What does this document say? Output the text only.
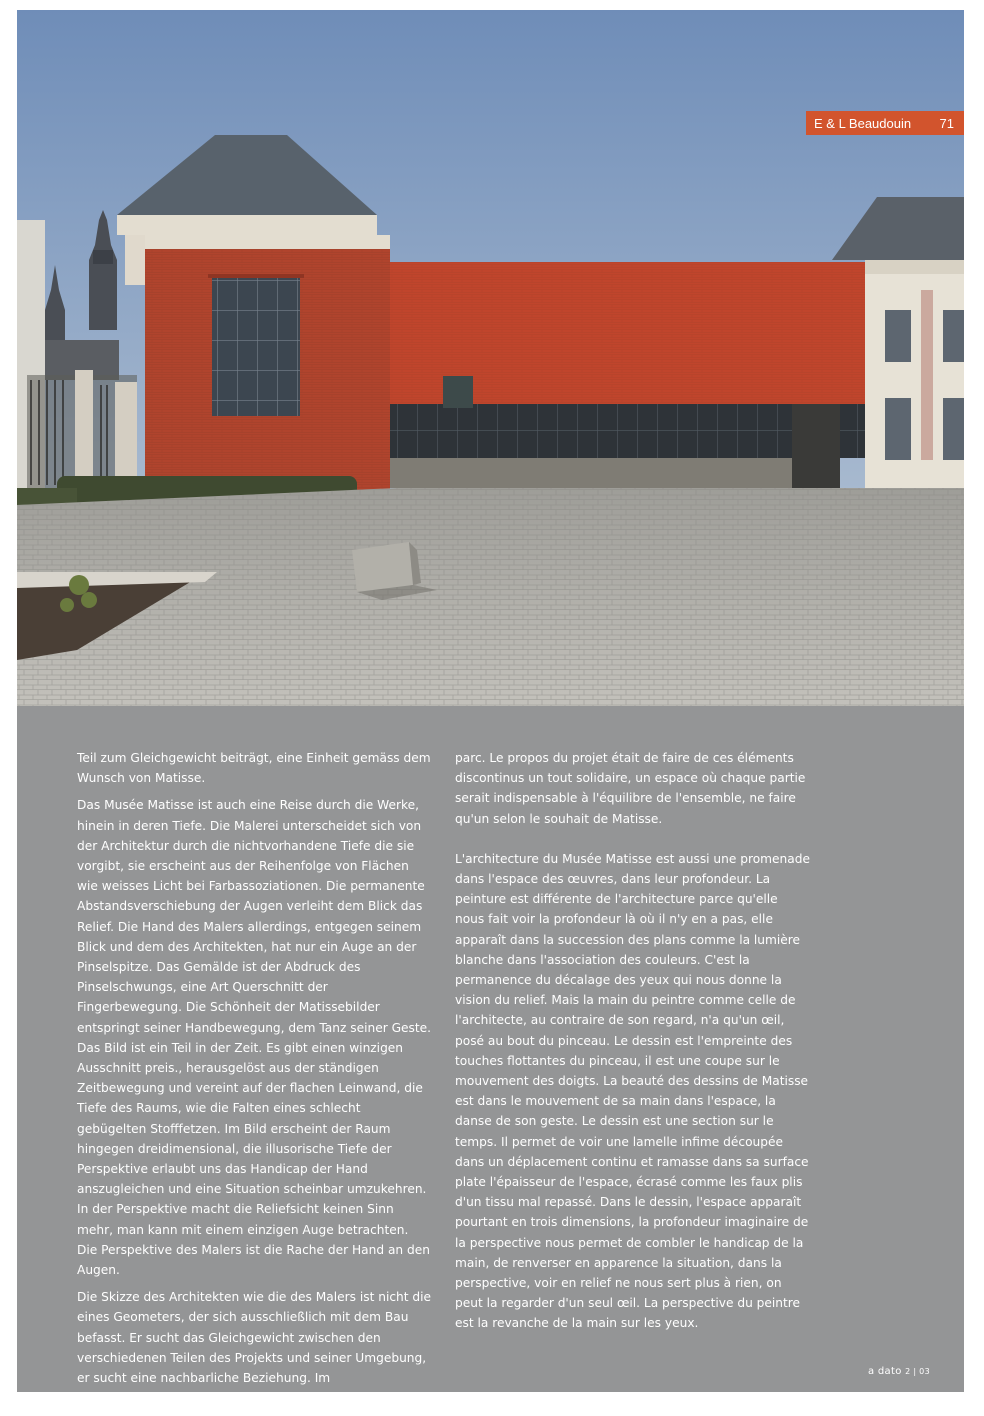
E & L Beaudouin 71

Teil zum Gleichgewicht beiträgt, eine Einheit gemäss dem Wunsch von Matisse.

Das Musée Matisse ist auch eine Reise durch die Werke, hinein in deren Tiefe. Die Malerei unterscheidet sich von der Architektur durch die nichtvorhandene Tiefe die sie vorgibt, sie erscheint aus der Reihenfolge von Flächen wie weisses Licht bei Farbassoziationen. Die permanente Abstandsverschiebung der Augen verleiht dem Blick das Relief. Die Hand des Malers allerdings, entgegen seinem Blick und dem des Architekten, hat nur ein Auge an der Pinselspitze. Das Gemälde ist der Abdruck des Pinselschwungs, eine Art Querschnitt der Fingerbewegung. Die Schönheit der Matissebilder entspringt seiner Handbewegung, dem Tanz seiner Geste. Das Bild ist ein Teil in der Zeit. Es gibt einen winzigen Ausschnitt preis., herausgelöst aus der ständigen Zeitbewegung und vereint auf der flachen Leinwand, die Tiefe des Raums, wie die Falten eines schlecht gebügelten Stofffetzen. Im Bild erscheint der Raum hingegen dreidimensional, die illusorische Tiefe der Perspektive erlaubt uns das Handicap der Hand anszugleichen und eine Situation scheinbar umzukehren. In der Perspektive macht die Reliefsicht keinen Sinn mehr, man kann mit einem einzigen Auge betrachten. Die Perspektive des Malers ist die Rache der Hand an den Augen.

Die Skizze des Architekten wie die des Malers ist nicht die eines Geometers, der sich ausschließlich mit dem Bau befasst. Er sucht das Gleichgewicht zwischen den verschiedenen Teilen des Projekts und seiner Umgebung, er sucht eine nachbarliche Beziehung. Im Größenverhältnis

parc. Le propos du projet était de faire de ces éléments discontinus un tout solidaire, un espace où chaque partie serait indispensable à l'équilibre de l'ensemble, ne faire qu'un selon le souhait de Matisse.

L'architecture du Musée Matisse est aussi une promenade dans l'espace des œuvres, dans leur profondeur. La peinture est différente de l'architecture parce qu'elle nous fait voir la profondeur là où il n'y en a pas, elle apparaît dans la succession des plans comme la lumière blanche dans l'association des couleurs. C'est la permanence du décalage des yeux qui nous donne la vision du relief. Mais la main du peintre comme celle de l'architecte, au contraire de son regard, n'a qu'un œil, posé au bout du pinceau. Le dessin est l'empreinte des touches flottantes du pinceau, il est une coupe sur le mouvement des doigts. La beauté des dessins de Matisse est dans le mouvement de sa main dans l'espace, la danse de son geste. Le dessin est une section sur le temps. Il permet de voir une lamelle infime découpée dans un déplacement continu et ramasse dans sa surface plate l'épaisseur de l'espace, écrasé comme les faux plis d'un tissu mal repassé. Dans le dessin, l'espace apparaît pourtant en trois dimensions, la profondeur imaginaire de la perspective nous permet de combler le handicap de la main, de renverser en apparence la situation, dans la perspective, voir en relief ne nous sert plus à rien, on peut la regarder d'un seul œil. La perspective du peintre est la revanche de la main sur les yeux.

a dato 2 | 03
